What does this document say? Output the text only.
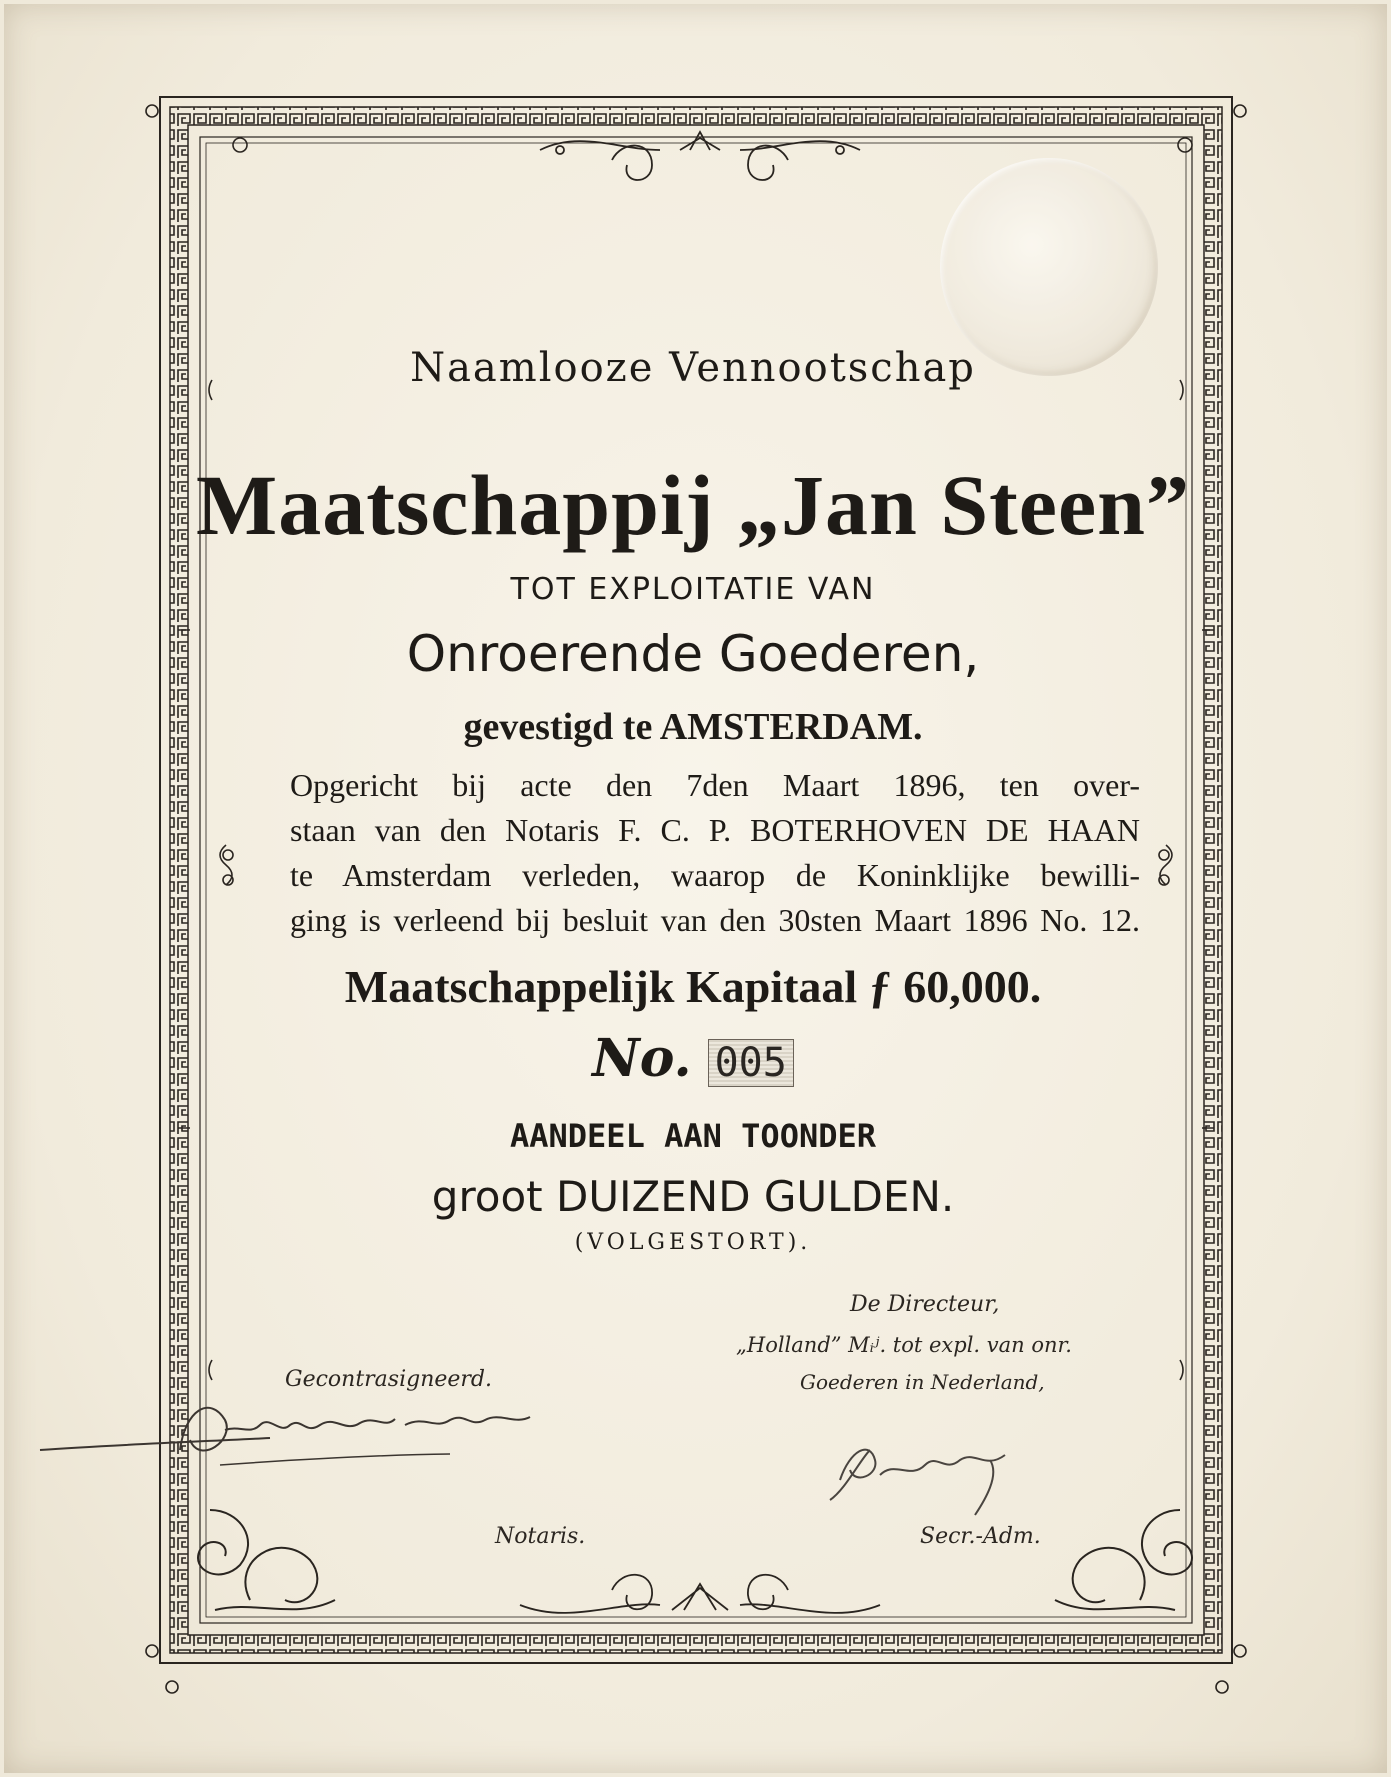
Naamlooze Vennootschap
Maatschappij „Jan Steen”
TOT EXPLOITATIE VAN
Onroerende Goederen,
gevestigd te AMSTERDAM.

Opgericht bij acte den 7den Maart 1896, ten over-

staan van den Notaris F. C. P. BOTERHOVEN DE HAAN

te Amsterdam verleden, waarop de Koninklijke bewilli-

ging is verleend bij besluit van den 30sten Maart 1896 No. 12.

Maatschappelijk Kapitaal ƒ 60,000.
No. 005
AANDEEL AAN TOONDER
groot DUIZEND GULDEN.
(VOLGESTORT).
De Directeur,
„Holland” Mᵢʲ. tot expl. van onr.
Goederen in Nederland,
Gecontrasigneerd.
Notaris.	Secr.-Adm.
